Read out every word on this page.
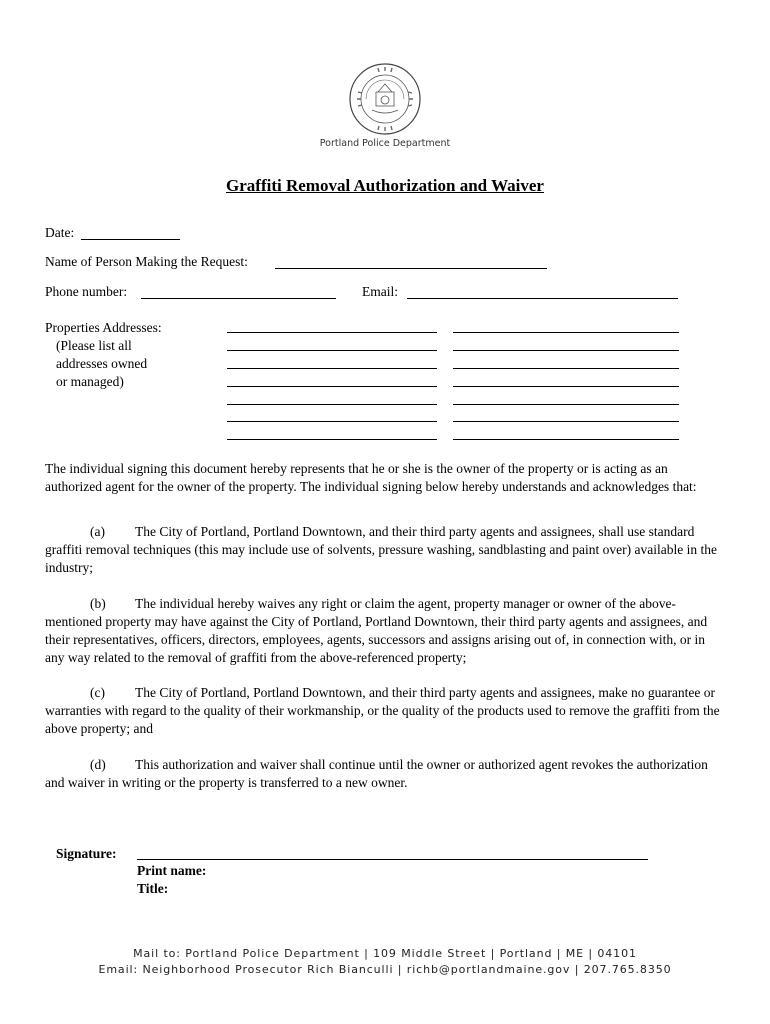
Portland Police Department
Graffiti Removal Authorization and Waiver
Date:
Name of Person Making the Request:
Phone number:	Email:
Properties Addresses:
(Please list all
addresses owned
or managed)
The individual signing this document hereby represents that he or she is the owner of the property or is acting as an authorized agent for the owner of the property. The individual signing below hereby understands and acknowledges that:
(a) The City of Portland, Portland Downtown, and their third party agents and assignees, shall use standard graffiti removal techniques (this may include use of solvents, pressure washing, sandblasting and paint over) available in the industry;
(b) The individual hereby waives any right or claim the agent, property manager or owner of the above-mentioned property may have against the City of Portland, Portland Downtown, their third party agents and assignees, and their representatives, officers, directors, employees, agents, successors and assigns arising out of, in connection with, or in any way related to the removal of graffiti from the above-referenced property;
(c) The City of Portland, Portland Downtown, and their third party agents and assignees, make no guarantee or warranties with regard to the quality of their workmanship, or the quality of the products used to remove the graffiti from the above property; and
(d) This authorization and waiver shall continue until the owner or authorized agent revokes the authorization and waiver in writing or the property is transferred to a new owner.
Signature:
Print name:
Title:
Mail to: Portland Police Department | 109 Middle Street | Portland | ME | 04101
Email: Neighborhood Prosecutor Rich Bianculli | richb@portlandmaine.gov | 207.765.8350
